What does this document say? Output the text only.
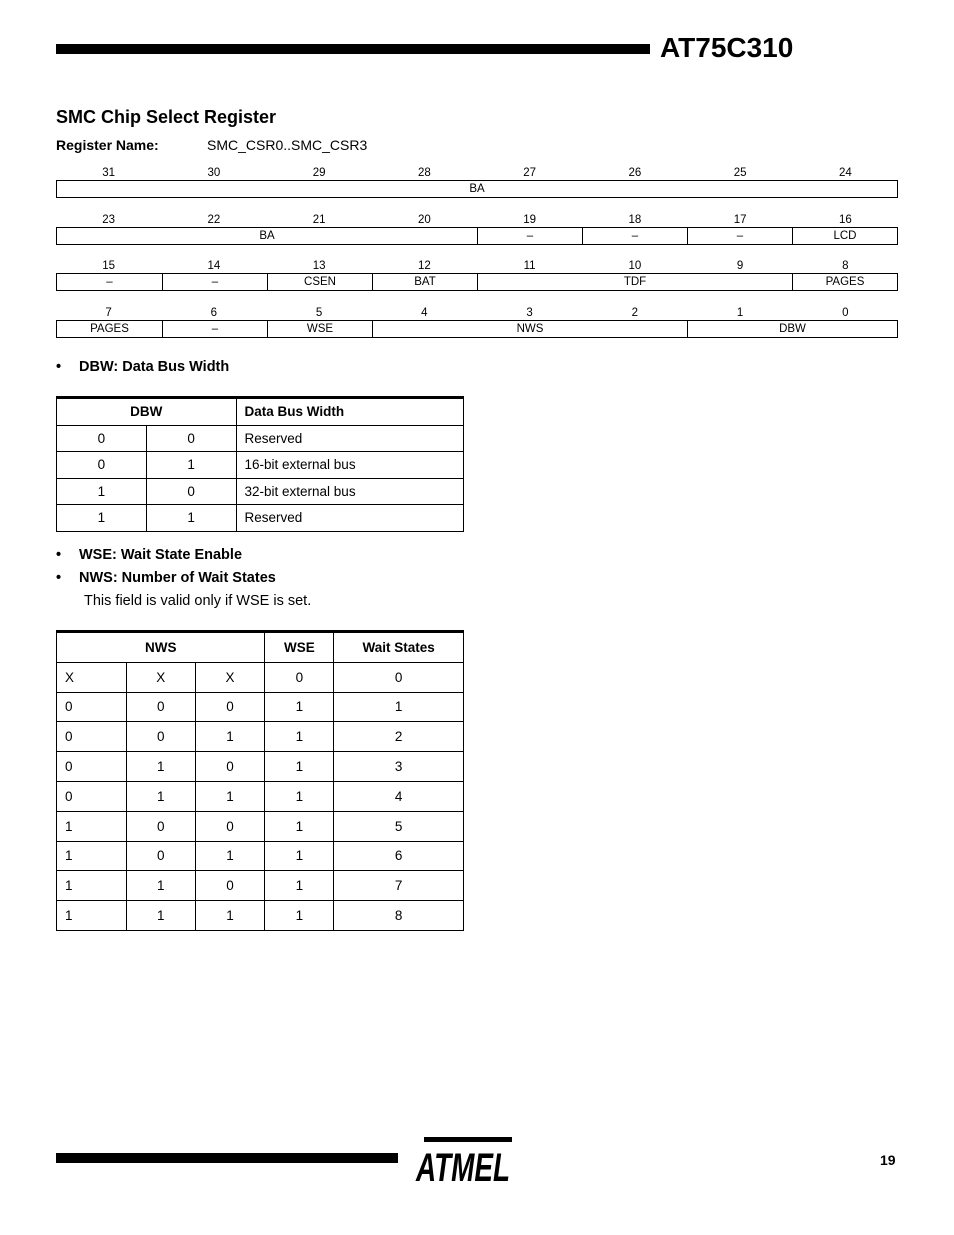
AT75C310
SMC Chip Select Register
Register Name:	SMC_CSR0..SMC_CSR3
31	30	29	28	27	26	25	24
BA
23	22	21	20	19	18	17	16
BA	–	–	–	LCD
15	14	13	12	11	10	9	8
–	–	CSEN	BAT	TDF	PAGES
7	6	5	4	3	2	1	0
PAGES	–	WSE	NWS	DBW
• DBW: Data Bus Width
DBW		Data Bus Width
0	0	Reserved
0	1	16-bit external bus
1	0	32-bit external bus
1	1	Reserved
• WSE: Wait State Enable
• NWS: Number of Wait States
This field is valid only if WSE is set.
NWS			WSE	Wait States
X	X	X	0	0
0	0	0	1	1
0	0	1	1	2
0	1	0	1	3
0	1	1	1	4
1	0	0	1	5
1	0	1	1	6
1	1	0	1	7
1	1	1	1	8
ATMEL	19
